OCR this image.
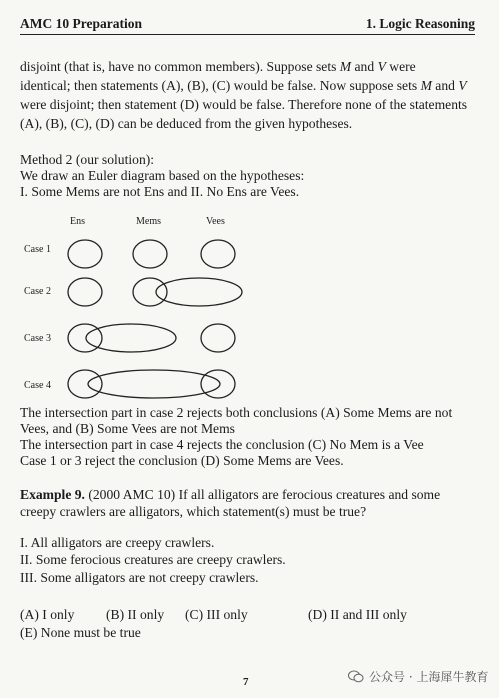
AMC 10 Preparation	1. Logic Reasoning
disjoint (that is, have no common members). Suppose sets M and V were
identical; then statements (A), (B), (C) would be false. Now suppose sets M and V
were disjoint; then statement (D) would be false. Therefore none of the statements
(A), (B), (C), (D) can be deduced from the given hypotheses.
Method 2 (our solution):
We draw an Euler diagram based on the hypotheses:
I. Some Mems are not Ens and II. No Ens are Vees.
Ens	Mems	Vees
Case 1
Case 2
Case 3
Case 4
The intersection part in case 2 rejects both conclusions (A) Some Mems are not
Vees, and (B) Some Vees are not Mems
The intersection part in case 4 rejects the conclusion (C) No Mem is a Vee
Case 1 or 3 reject the conclusion (D) Some Mems are Vees.
Example 9. (2000 AMC 10) If all alligators are ferocious creatures and some
creepy crawlers are alligators, which statement(s) must be true?
I. All alligators are creepy crawlers.
II. Some ferocious creatures are creepy crawlers.
III. Some alligators are not creepy crawlers.
(A) I only (B) II only (C) III only	(D) II and III only
(E) None must be true
7	公众号 · 上海犀牛教育
